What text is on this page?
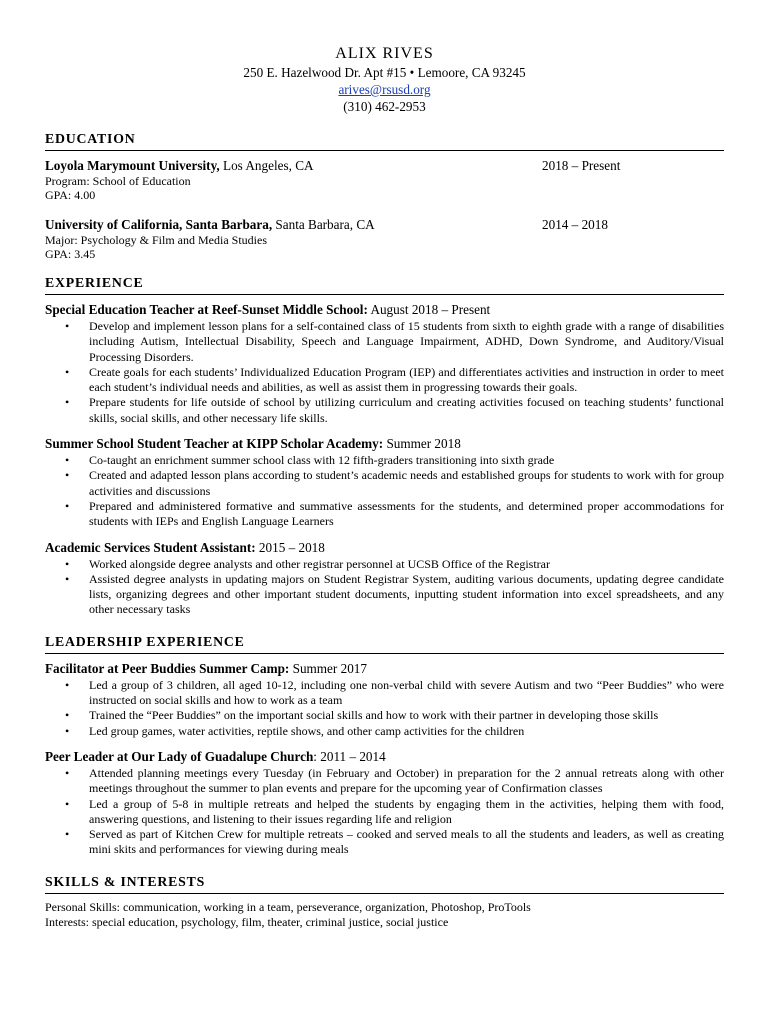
ALIX RIVES
250 E. Hazelwood Dr. Apt #15 • Lemoore, CA 93245
arives@rsusd.org
(310) 462-2953
EDUCATION
Loyola Marymount University, Los Angeles, CA	2018 – Present
Program: School of Education
GPA: 4.00
University of California, Santa Barbara, Santa Barbara, CA	2014 – 2018
Major: Psychology & Film and Media Studies
GPA: 3.45
EXPERIENCE
Special Education Teacher at Reef-Sunset Middle School: August 2018 – Present
• Develop and implement lesson plans for a self-contained class of 15 students from sixth to eighth grade with a range of disabilities including Autism, Intellectual Disability, Speech and Language Impairment, ADHD, Down Syndrome, and Auditory/Visual Processing Disorders.
• Create goals for each students’ Individualized Education Program (IEP) and differentiates activities and instruction in order to meet each student’s individual needs and abilities, as well as assist them in progressing towards their goals.
• Prepare students for life outside of school by utilizing curriculum and creating activities focused on teaching students’ functional skills, social skills, and other necessary life skills.
Summer School Student Teacher at KIPP Scholar Academy: Summer 2018
• Co-taught an enrichment summer school class with 12 fifth-graders transitioning into sixth grade
• Created and adapted lesson plans according to student’s academic needs and established groups for students to work with for group activities and discussions
• Prepared and administered formative and summative assessments for the students, and determined proper accommodations for students with IEPs and English Language Learners
Academic Services Student Assistant: 2015 – 2018
• Worked alongside degree analysts and other registrar personnel at UCSB Office of the Registrar
• Assisted degree analysts in updating majors on Student Registrar System, auditing various documents, updating degree candidate lists, organizing degrees and other important student documents, inputting student information into excel spreadsheets, and any other necessary tasks
LEADERSHIP EXPERIENCE
Facilitator at Peer Buddies Summer Camp: Summer 2017
• Led a group of 3 children, all aged 10-12, including one non-verbal child with severe Autism and two “Peer Buddies” who were instructed on social skills and how to work as a team
• Trained the “Peer Buddies” on the important social skills and how to work with their partner in developing those skills
• Led group games, water activities, reptile shows, and other camp activities for the children
Peer Leader at Our Lady of Guadalupe Church: 2011 – 2014
• Attended planning meetings every Tuesday (in February and October) in preparation for the 2 annual retreats along with other meetings throughout the summer to plan events and prepare for the upcoming year of Confirmation classes
• Led a group of 5-8 in multiple retreats and helped the students by engaging them in the activities, helping them with food, answering questions, and listening to their issues regarding life and religion
• Served as part of Kitchen Crew for multiple retreats – cooked and served meals to all the students and leaders, as well as creating mini skits and performances for viewing during meals
SKILLS & INTERESTS
Personal Skills: communication, working in a team, perseverance, organization, Photoshop, ProTools
Interests: special education, psychology, film, theater, criminal justice, social justice
